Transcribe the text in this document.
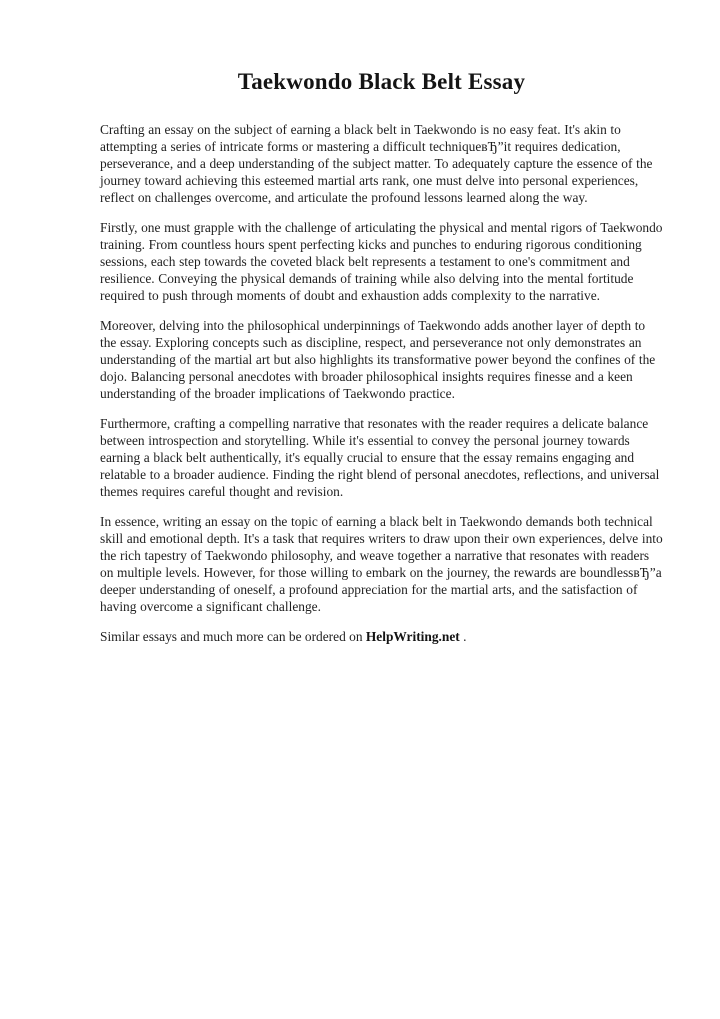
Taekwondo Black Belt Essay

Crafting an essay on the subject of earning a black belt in Taekwondo is no easy feat. It's akin to attempting a series of intricate forms or mastering a difficult techniqueвЂ”it requires dedication, perseverance, and a deep understanding of the subject matter. To adequately capture the essence of the journey toward achieving this esteemed martial arts rank, one must delve into personal experiences, reflect on challenges overcome, and articulate the profound lessons learned along the way.

Firstly, one must grapple with the challenge of articulating the physical and mental rigors of Taekwondo training. From countless hours spent perfecting kicks and punches to enduring rigorous conditioning sessions, each step towards the coveted black belt represents a testament to one's commitment and resilience. Conveying the physical demands of training while also delving into the mental fortitude required to push through moments of doubt and exhaustion adds complexity to the narrative.

Moreover, delving into the philosophical underpinnings of Taekwondo adds another layer of depth to the essay. Exploring concepts such as discipline, respect, and perseverance not only demonstrates an understanding of the martial art but also highlights its transformative power beyond the confines of the dojo. Balancing personal anecdotes with broader philosophical insights requires finesse and a keen understanding of the broader implications of Taekwondo practice.

Furthermore, crafting a compelling narrative that resonates with the reader requires a delicate balance between introspection and storytelling. While it's essential to convey the personal journey towards earning a black belt authentically, it's equally crucial to ensure that the essay remains engaging and relatable to a broader audience. Finding the right blend of personal anecdotes, reflections, and universal themes requires careful thought and revision.

In essence, writing an essay on the topic of earning a black belt in Taekwondo demands both technical skill and emotional depth. It's a task that requires writers to draw upon their own experiences, delve into the rich tapestry of Taekwondo philosophy, and weave together a narrative that resonates with readers on multiple levels. However, for those willing to embark on the journey, the rewards are boundlessвЂ”a deeper understanding of oneself, a profound appreciation for the martial arts, and the satisfaction of having overcome a significant challenge.

Similar essays and much more can be ordered on HelpWriting.net .
